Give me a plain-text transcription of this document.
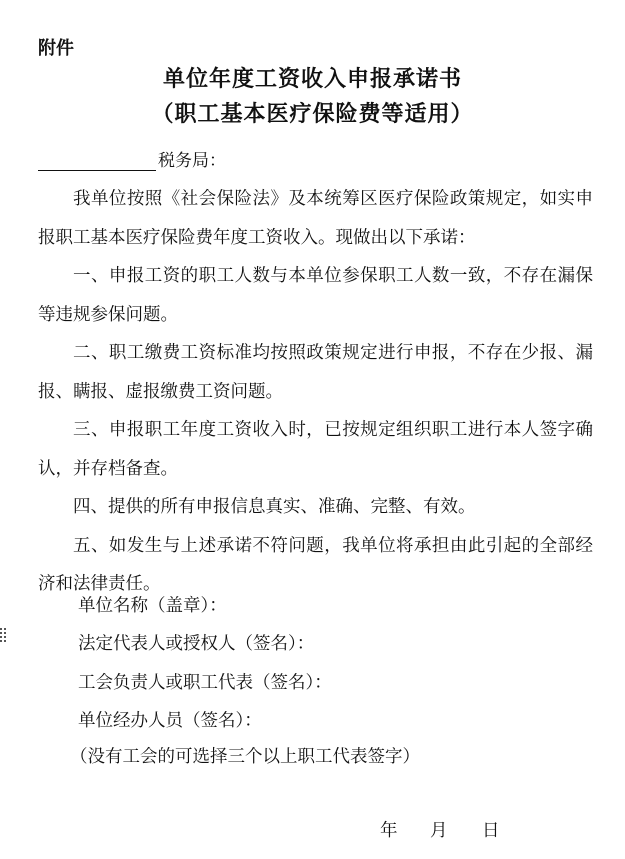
附件
单位年度工资收入申报承诺书
（职工基本医疗保险费等适用）
税务局：

我单位按照《社会保险法》及本统筹区医疗保险政策规定，如实申报职工基本医疗保险费年度工资收入。现做出以下承诺：

一、申报工资的职工人数与本单位参保职工人数一致，不存在漏保等违规参保问题。

二、职工缴费工资标准均按照政策规定进行申报，不存在少报、漏报、瞒报、虚报缴费工资问题。

三、申报职工年度工资收入时，已按规定组织职工进行本人签字确认，并存档备查。

四、提供的所有申报信息真实、准确、完整、有效。

五、如发生与上述承诺不符问题，我单位将承担由此引起的全部经济和法律责任。

单位名称（盖章）：
法定代表人或授权人（签名）：
工会负责人或职工代表（签名）：
单位经办人员（签名）：
（没有工会的可选择三个以上职工代表签字）
年	月	日
